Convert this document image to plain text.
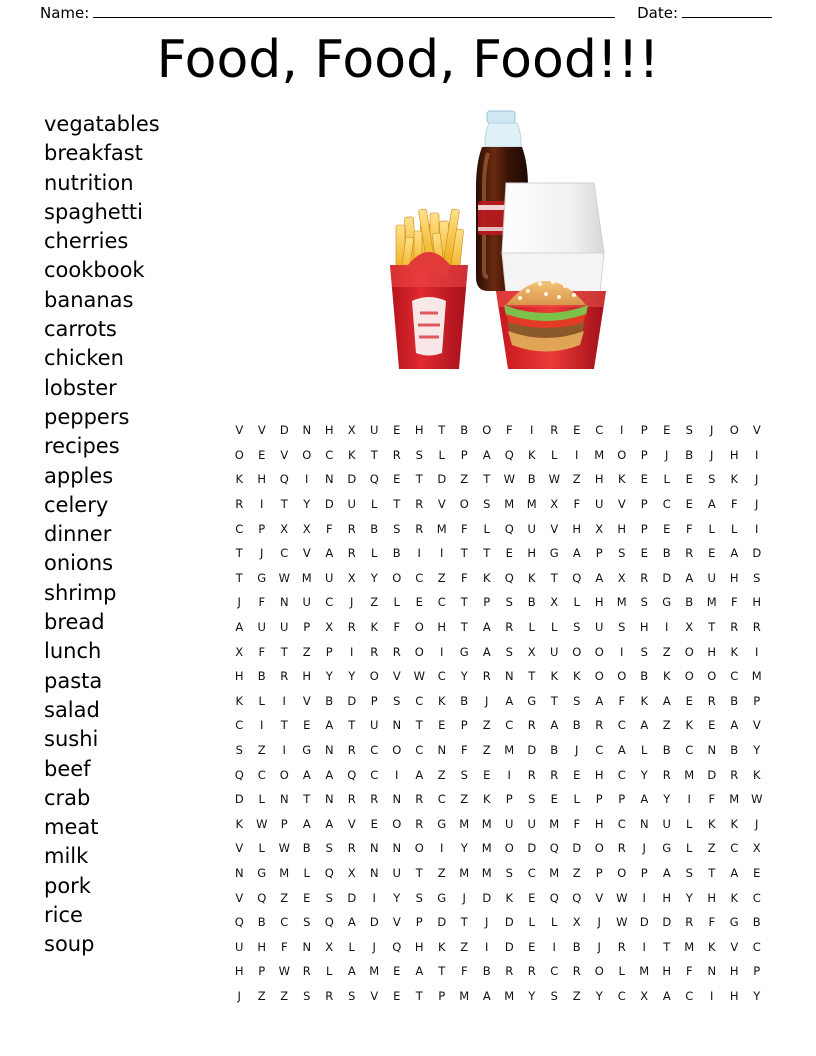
Name:	Date:
Food, Food, Food!!!
vegatables
breakfast
nutrition
spaghetti
cherries
cookbook
bananas
carrots
chicken
lobster
peppers
recipes
apples
celery
dinner
onions
shrimp
bread
lunch
pasta
salad
sushi
beef
crab
meat
milk
pork
rice
soup
V	V	D	N	H	X	U	E	H	T	B	O	F	I	R	E	C	I	P	E	S	J	O	V
O	E	V	O	C	K	T	R	S	L	P	A	Q	K	L	I	M	O	P	J	B	J	H	I
K	H	Q	I	N	D	Q	E	T	D	Z	T	W	B	W	Z	H	K	E	L	E	S	K	J
R	I	T	Y	D	U	L	T	R	V	O	S	M	M	X	F	U	V	P	C	E	A	F	J
C	P	X	X	F	R	B	S	R	M	F	L	Q	U	V	H	X	H	P	E	F	L	L	I
T	J	C	V	A	R	L	B	I	I	T	T	E	H	G	A	P	S	E	B	R	E	A	D
T	G	W	M	U	X	Y	O	C	Z	F	K	Q	K	T	Q	A	X	R	D	A	U	H	S
J	F	N	U	C	J	Z	L	E	C	T	P	S	B	X	L	H	M	S	G	B	M	F	H
A	U	U	P	X	R	K	F	O	H	T	A	R	L	L	S	U	S	H	I	X	T	R	R
X	F	T	Z	P	I	R	R	O	I	G	A	S	X	U	O	O	I	S	Z	O	H	K	I
H	B	R	H	Y	Y	O	V	W	C	Y	R	N	T	K	K	O	O	B	K	O	O	C	M
K	L	I	V	B	D	P	S	C	K	B	J	A	G	T	S	A	F	K	A	E	R	B	P
C	I	T	E	A	T	U	N	T	E	P	Z	C	R	A	B	R	C	A	Z	K	E	A	V
S	Z	I	G	N	R	C	O	C	N	F	Z	M	D	B	J	C	A	L	B	C	N	B	Y
Q	C	O	A	A	Q	C	I	A	Z	S	E	I	R	R	E	H	C	Y	R	M	D	R	K
D	L	N	T	N	R	R	N	R	C	Z	K	P	S	E	L	P	P	A	Y	I	F	M	W
K	W	P	A	A	V	E	O	R	G	M	M	U	U	M	F	H	C	N	U	L	K	K	J
V	L	W	B	S	R	N	N	O	I	Y	M	O	D	Q	D	O	R	J	G	L	Z	C	X
N	G	M	L	Q	X	N	U	T	Z	M	M	S	C	M	Z	P	O	P	A	S	T	A	E
V	Q	Z	E	S	D	I	Y	S	G	J	D	K	E	Q	Q	V	W	I	H	Y	H	K	C
Q	B	C	S	Q	A	D	V	P	D	T	J	D	L	L	X	J	W	D	D	R	F	G	B
U	H	F	N	X	L	J	Q	H	K	Z	I	D	E	I	B	J	R	I	T	M	K	V	C
H	P	W	R	L	A	M	E	A	T	F	B	R	R	C	R	O	L	M	H	F	N	H	P
J	Z	Z	S	R	S	V	E	T	P	M	A	M	Y	S	Z	Y	C	X	A	C	I	H	Y
